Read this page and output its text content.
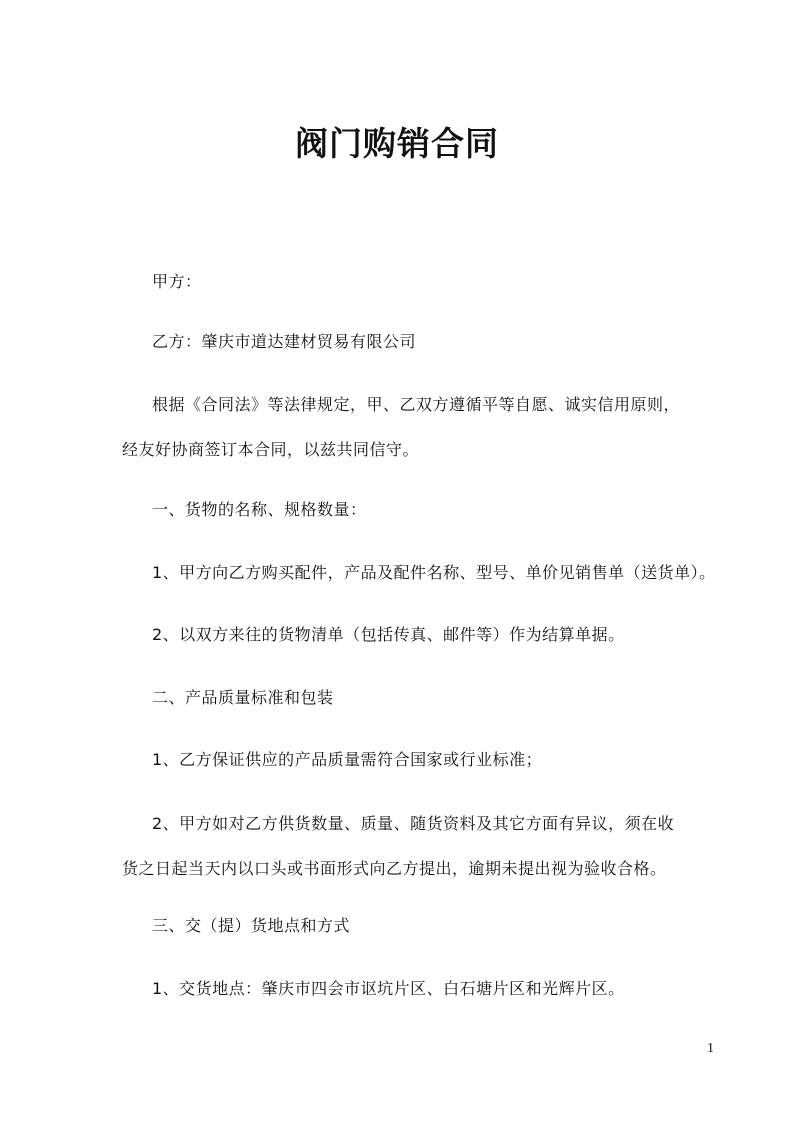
阀门购销合同
甲方：
乙方：肇庆市道达建材贸易有限公司
根据《合同法》等法律规定，甲、乙双方遵循平等自愿、诚实信用原则，经友好协商签订本合同，以兹共同信守。
一、货物的名称、规格数量：
1、甲方向乙方购买配件，产品及配件名称、型号、单价见销售单（送货单）。
2、以双方来往的货物清单（包括传真、邮件等）作为结算单据。
二、产品质量标准和包装
1、乙方保证供应的产品质量需符合国家或行业标准；
2、甲方如对乙方供货数量、质量、随货资料及其它方面有异议，须在收货之日起当天内以口头或书面形式向乙方提出，逾期未提出视为验收合格。
三、交（提）货地点和方式
1、交货地点：肇庆市四会市讴坑片区、白石塘片区和光辉片区。
1
